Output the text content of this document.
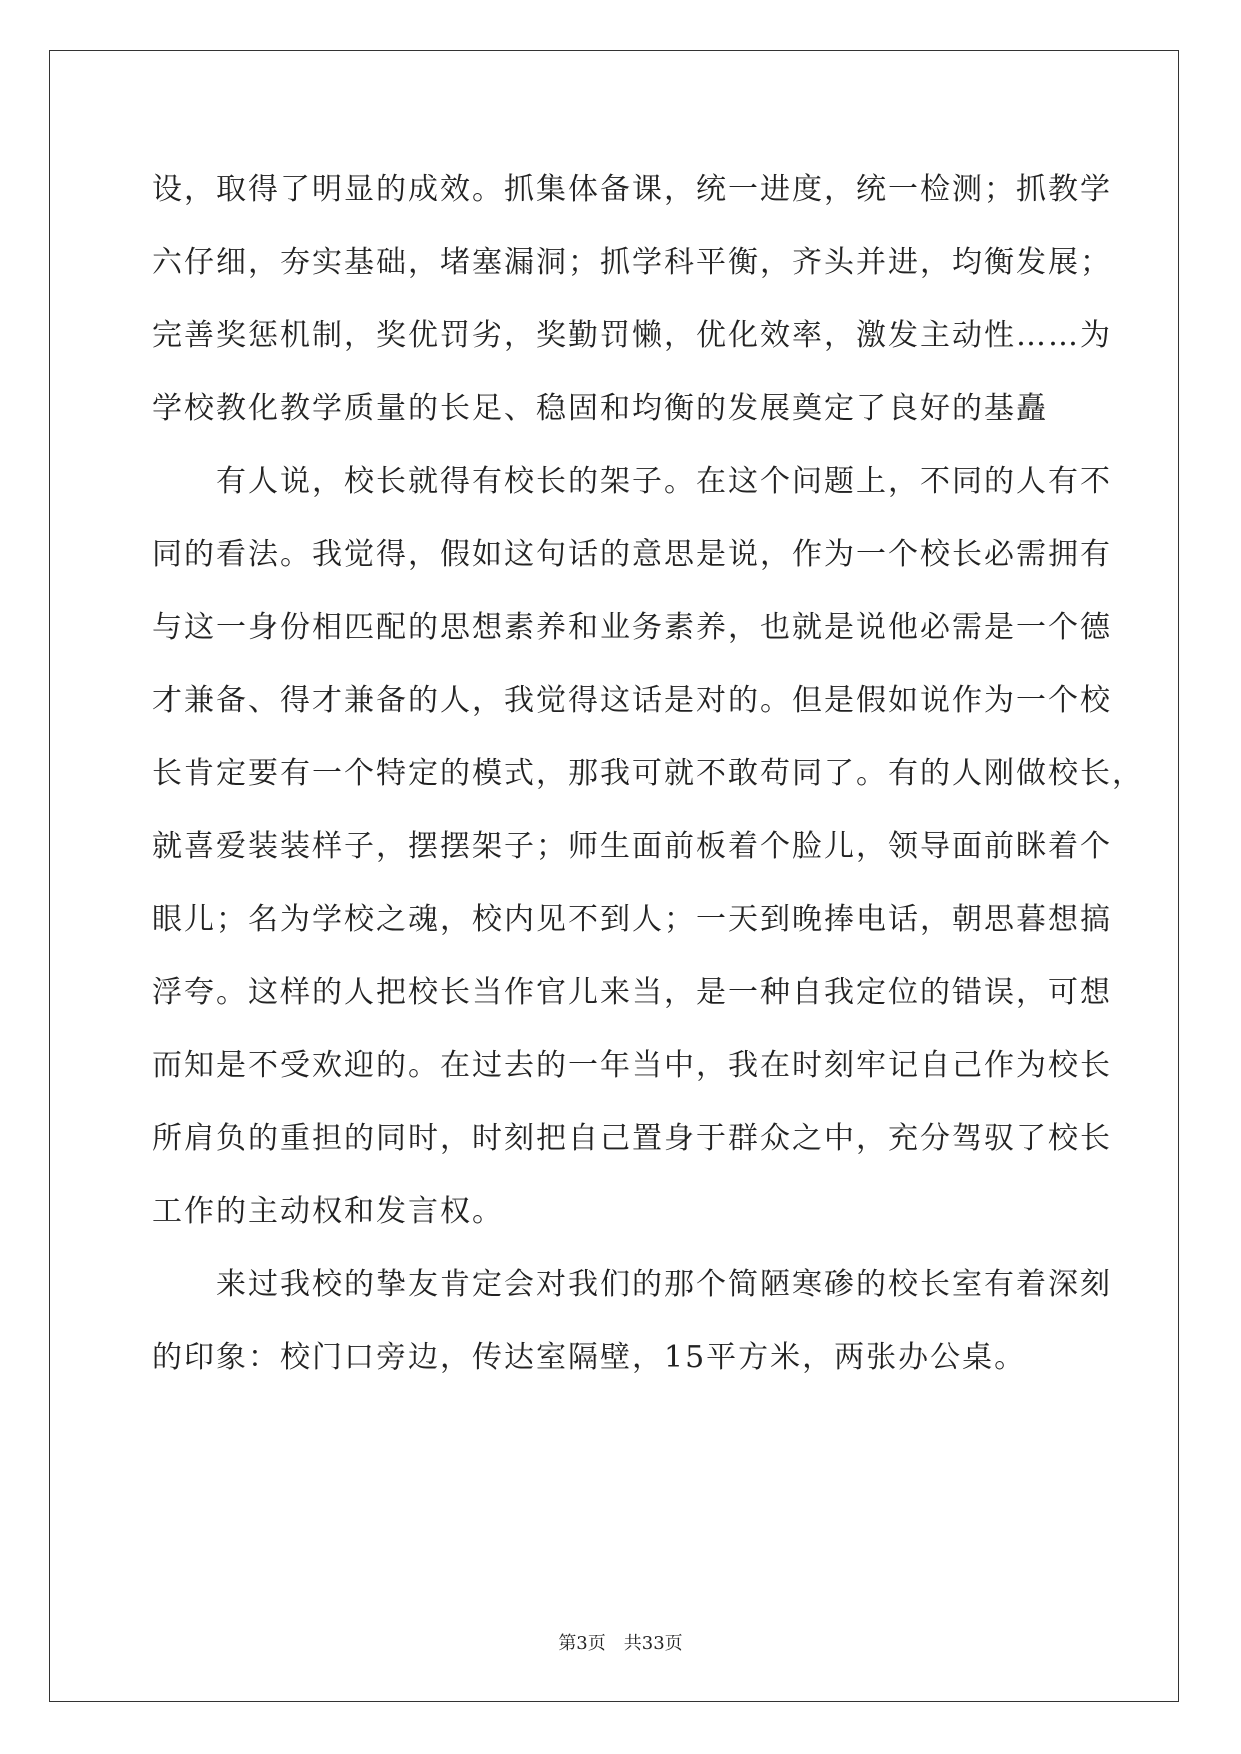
设，取得了明显的成效。抓集体备课，统一进度，统一检测；抓教学
六仔细，夯实基础，堵塞漏洞；抓学科平衡，齐头并进，均衡发展；
完善奖惩机制，奖优罚劣，奖勤罚懒，优化效率，激发主动性……为
学校教化教学质量的长足、稳固和均衡的发展奠定了良好的基矗
　　有人说，校长就得有校长的架子。在这个问题上，不同的人有不
同的看法。我觉得，假如这句话的意思是说，作为一个校长必需拥有
与这一身份相匹配的思想素养和业务素养，也就是说他必需是一个德
才兼备、得才兼备的人，我觉得这话是对的。但是假如说作为一个校
长肯定要有一个特定的模式，那我可就不敢苟同了。有的人刚做校长，
就喜爱装装样子，摆摆架子；师生面前板着个脸儿，领导面前眯着个
眼儿；名为学校之魂，校内见不到人；一天到晚捧电话，朝思暮想搞
浮夸。这样的人把校长当作官儿来当，是一种自我定位的错误，可想
而知是不受欢迎的。在过去的一年当中，我在时刻牢记自己作为校长
所肩负的重担的同时，时刻把自己置身于群众之中，充分驾驭了校长
工作的主动权和发言权。
　　来过我校的挚友肯定会对我们的那个简陋寒碜的校长室有着深刻
的印象：校门口旁边，传达室隔壁，15平方米，两张办公桌。
第3页　共33页
